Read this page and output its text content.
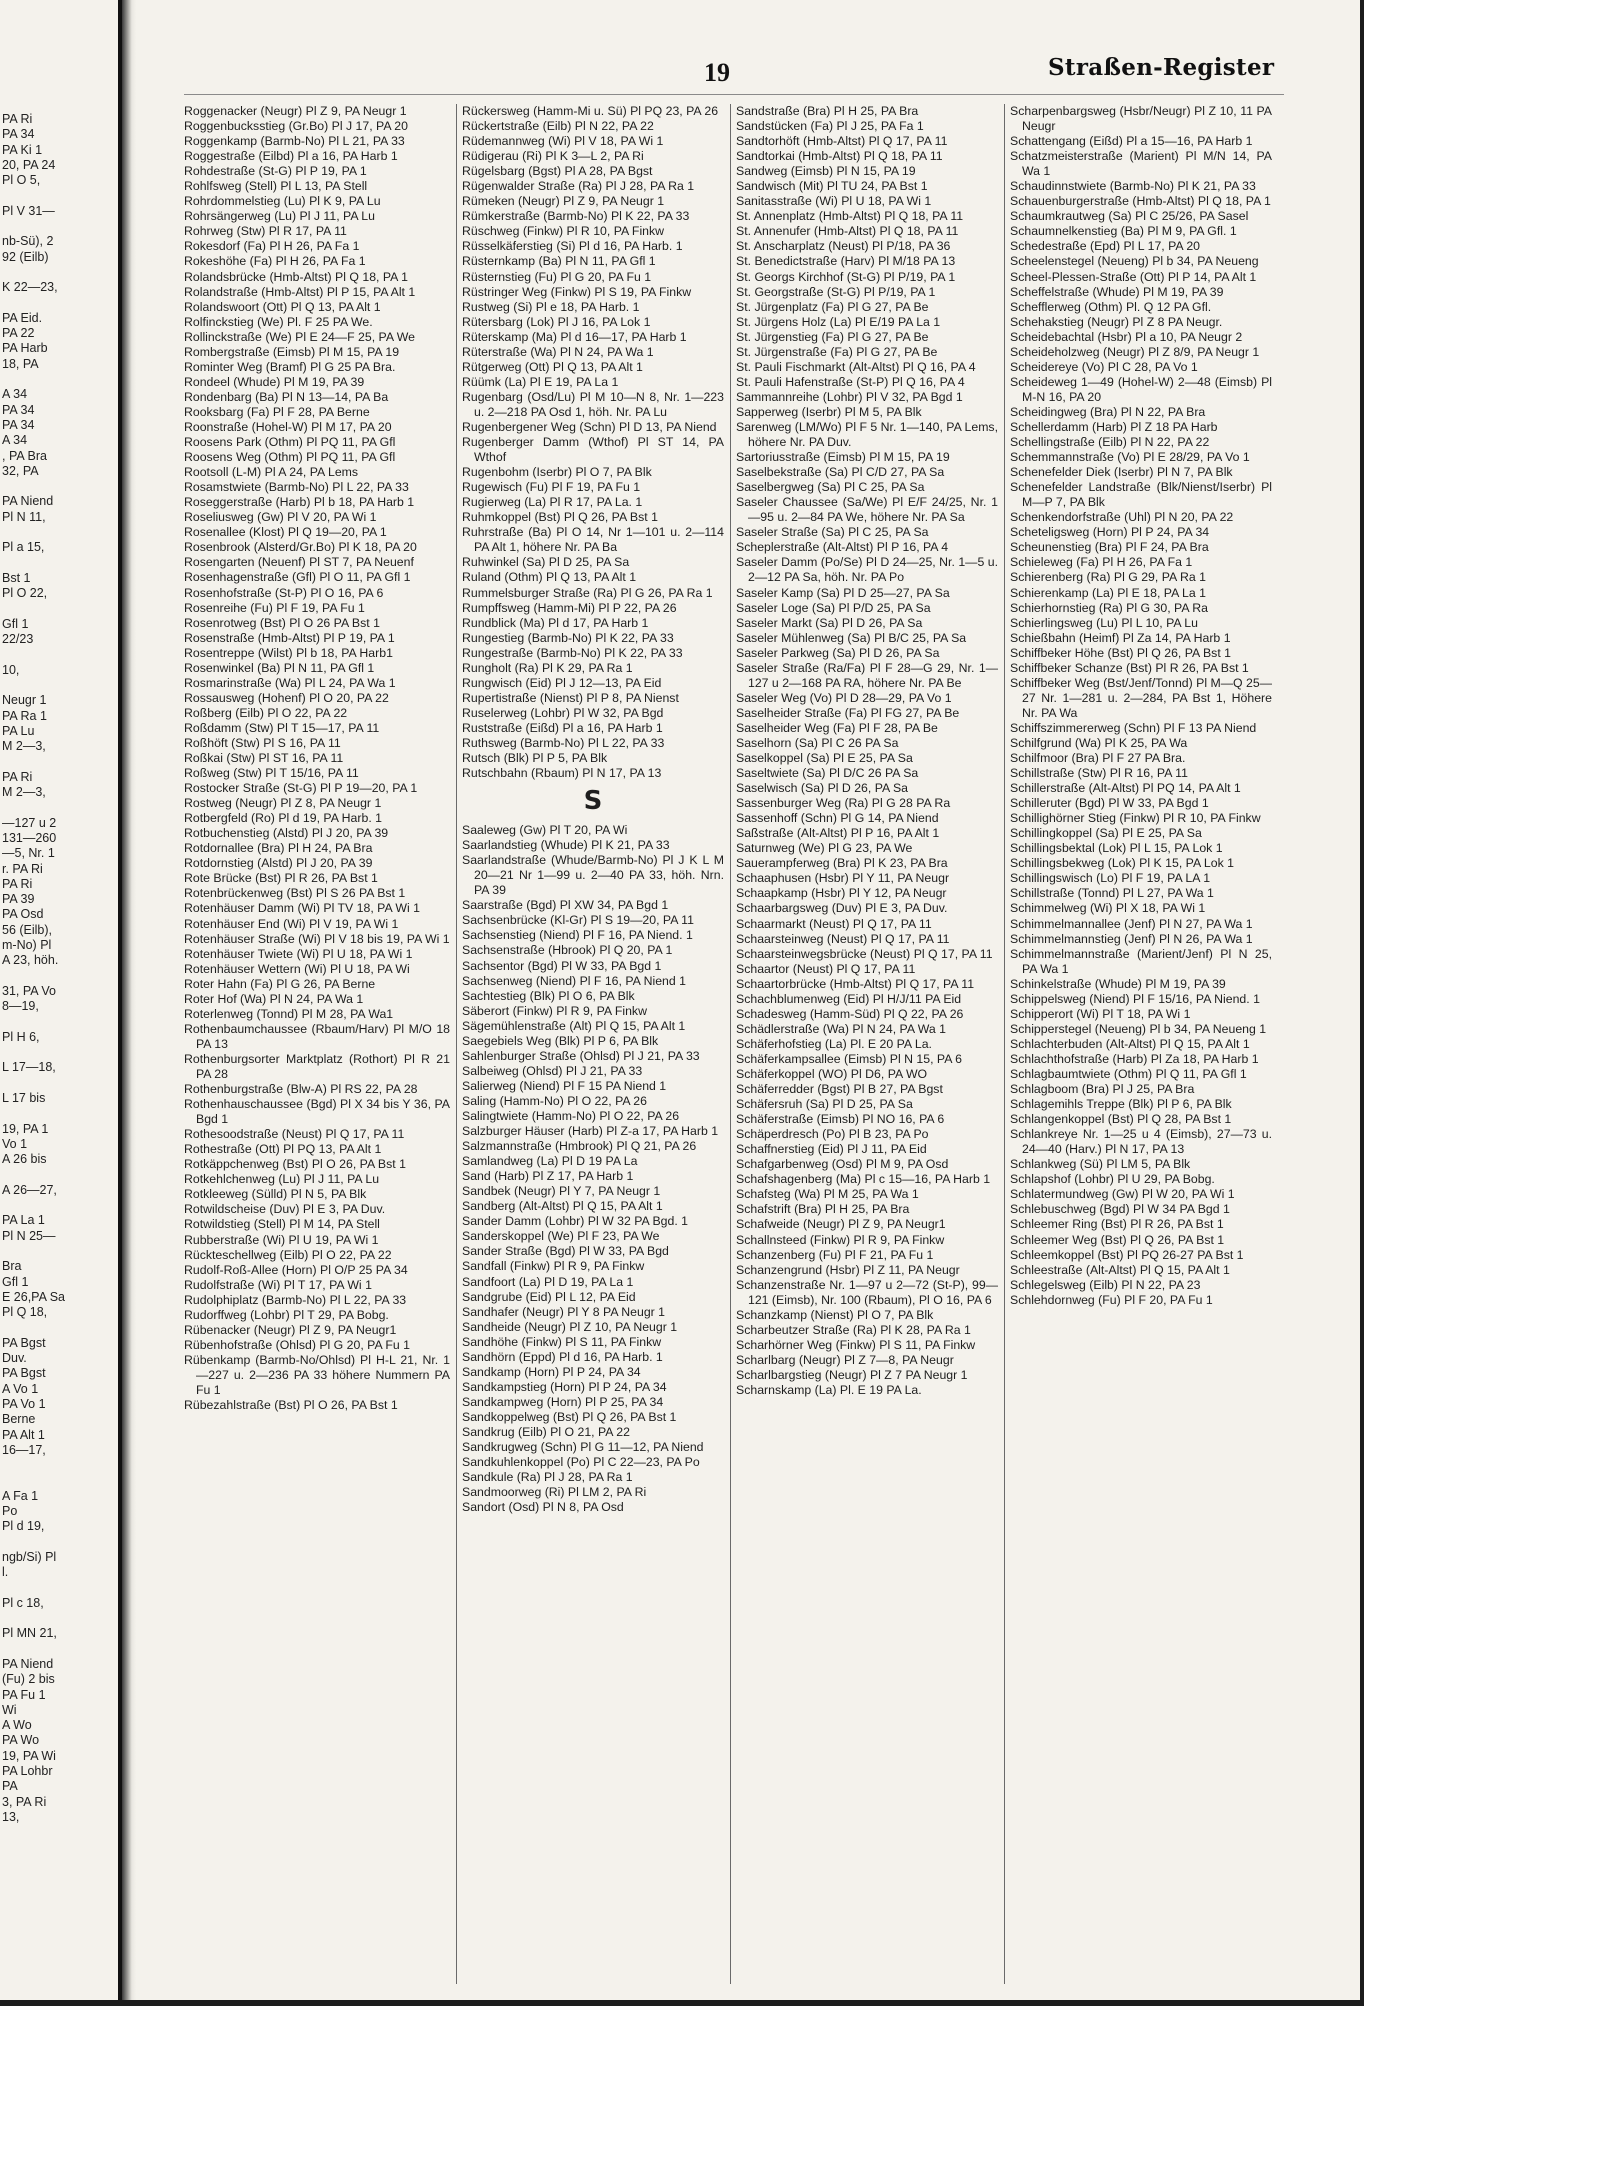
PA Ri
PA 34
PA Ki 1
20, PA 24
Pl O 5,

Pl V 31—

nb-Sü), 2
92 (Eilb)

K 22—23,

PA Eid.
PA 22
PA Harb
18, PA

A 34
PA 34
PA 34
A 34
, PA Bra
32, PA

PA Niend
Pl N 11,

Pl a 15,

Bst 1
Pl O 22,

Gfl 1
22/23

10,

Neugr 1
PA Ra 1
PA Lu
M 2—3,

PA Ri
M 2—3,

—127 u 2
131—260
—5, Nr. 1
r. PA Ri
PA Ri
PA 39
PA Osd
56 (Eilb),
m-No) Pl
A 23, höh.

31, PA Vo
8—19,

Pl H 6,

L 17—18,

L 17 bis

19, PA 1
Vo 1
A 26 bis

A 26—27,

PA La 1
Pl N 25—

Bra
Gfl 1
E 26,PA Sa
Pl Q 18,

PA Bgst
Duv.
PA Bgst
A Vo 1
PA Vo 1
Berne
PA Alt 1
16—17,

A Fa 1
Po
Pl d 19,

ngb/Si) Pl
l.

Pl c 18,

Pl MN 21,

PA Niend
(Fu) 2 bis
PA Fu 1
Wi
A Wo
PA Wo
19, PA Wi
PA Lohbr
PA
3, PA Ri
13,
19	Straßen-Register

Roggenacker (Neugr) Pl Z 9, PA Neugr 1

Roggenbucksstieg (Gr.Bo) Pl J 17, PA 20

Roggenkamp (Barmb-No) Pl L 21, PA 33

Roggestraße (Eilbd) Pl a 16, PA Harb 1

Rohdestraße (St-G) Pl P 19, PA 1

Rohlfsweg (Stell) Pl L 13, PA Stell

Rohrdommelstieg (Lu) Pl K 9, PA Lu

Rohrsängerweg (Lu) Pl J 11, PA Lu

Rohrweg (Stw) Pl R 17, PA 11

Rokesdorf (Fa) Pl H 26, PA Fa 1

Rokeshöhe (Fa) Pl H 26, PA Fa 1

Rolandsbrücke (Hmb-Altst) Pl Q 18, PA 1

Rolandstraße (Hmb-Altst) Pl P 15, PA Alt 1

Rolandswoort (Ott) Pl Q 13, PA Alt 1

Rolfinckstieg (We) Pl. F 25 PA We.

Rollinckstraße (We) Pl E 24—F 25, PA We

Rombergstraße (Eimsb) Pl M 15, PA 19

Rominter Weg (Bramf) Pl G 25 PA Bra.

Rondeel (Whude) Pl M 19, PA 39

Rondenbarg (Ba) Pl N 13—14, PA Ba

Rooksbarg (Fa) Pl F 28, PA Berne

Roonstraße (Hohel-W) Pl M 17, PA 20

Roosens Park (Othm) Pl PQ 11, PA Gfl

Roosens Weg (Othm) Pl PQ 11, PA Gfl

Rootsoll (L-M) Pl A 24, PA Lems

Rosamstwiete (Barmb-No) Pl L 22, PA 33

Roseggerstraße (Harb) Pl b 18, PA Harb 1

Roseliusweg (Gw) Pl V 20, PA Wi 1

Rosenallee (Klost) Pl Q 19—20, PA 1

Rosenbrook (Alsterd/Gr.Bo) Pl K 18, PA 20

Rosengarten (Neuenf) Pl ST 7, PA Neuenf

Rosenhagenstraße (Gfl) Pl O 11, PA Gfl 1

Rosenhofstraße (St-P) Pl O 16, PA 6

Rosenreihe (Fu) Pl F 19, PA Fu 1

Rosenrotweg (Bst) Pl O 26 PA Bst 1

Rosenstraße (Hmb-Altst) Pl P 19, PA 1

Rosentreppe (Wilst) Pl b 18, PA Harb1

Rosenwinkel (Ba) Pl N 11, PA Gfl 1

Rosmarinstraße (Wa) Pl L 24, PA Wa 1

Rossausweg (Hohenf) Pl O 20, PA 22

Roßberg (Eilb) Pl O 22, PA 22

Roßdamm (Stw) Pl T 15—17, PA 11

Roßhöft (Stw) Pl S 16, PA 11

Roßkai (Stw) Pl ST 16, PA 11

Roßweg (Stw) Pl T 15/16, PA 11

Rostocker Straße (St-G) Pl P 19—20, PA 1

Rostweg (Neugr) Pl Z 8, PA Neugr 1

Rotbergfeld (Ro) Pl d 19, PA Harb. 1

Rotbuchenstieg (Alstd) Pl J 20, PA 39

Rotdornallee (Bra) Pl H 24, PA Bra

Rotdornstieg (Alstd) Pl J 20, PA 39

Rote Brücke (Bst) Pl R 26, PA Bst 1

Rotenbrückenweg (Bst) Pl S 26 PA Bst 1

Rotenhäuser Damm (Wi) Pl TV 18, PA Wi 1

Rotenhäuser End (Wi) Pl V 19, PA Wi 1

Rotenhäuser Straße (Wi) Pl V 18 bis 19, PA Wi 1

Rotenhäuser Twiete (Wi) Pl U 18, PA Wi 1

Rotenhäuser Wettern (Wi) Pl U 18, PA Wi

Roter Hahn (Fa) Pl G 26, PA Berne

Roter Hof (Wa) Pl N 24, PA Wa 1

Roterlenweg (Tonnd) Pl M 28, PA Wa1

Rothenbaumchaussee (Rbaum/Harv) Pl M/O 18 PA 13

Rothenburgsorter Marktplatz (Rothort) Pl R 21 PA 28

Rothenburgstraße (Blw-A) Pl RS 22, PA 28

Rothenhauschaussee (Bgd) Pl X 34 bis Y 36, PA Bgd 1

Rothesoodstraße (Neust) Pl Q 17, PA 11

Rothestraße (Ott) Pl PQ 13, PA Alt 1

Rotkäppchenweg (Bst) Pl O 26, PA Bst 1

Rotkehlchenweg (Lu) Pl J 11, PA Lu

Rotkleeweg (Sülld) Pl N 5, PA Blk

Rotwildscheise (Duv) Pl E 3, PA Duv.

Rotwildstieg (Stell) Pl M 14, PA Stell

Rubberstraße (Wi) Pl U 19, PA Wi 1

Rückteschellweg (Eilb) Pl O 22, PA 22

Rudolf-Roß-Allee (Horn) Pl O/P 25 PA 34

Rudolfstraße (Wi) Pl T 17, PA Wi 1

Rudolphiplatz (Barmb-No) Pl L 22, PA 33

Rudorffweg (Lohbr) Pl T 29, PA Bobg.

Rübenacker (Neugr) Pl Z 9, PA Neugr1

Rübenhofstraße (Ohlsd) Pl G 20, PA Fu 1

Rübenkamp (Barmb-No/Ohlsd) Pl H-L 21, Nr. 1—227 u. 2—236 PA 33 höhere Nummern PA Fu 1

Rübezahlstraße (Bst) Pl O 26, PA Bst 1

Rückersweg (Hamm-Mi u. Sü) Pl PQ 23, PA 26

Rückertstraße (Eilb) Pl N 22, PA 22

Rüdemannweg (Wi) Pl V 18, PA Wi 1

Rüdigerau (Ri) Pl K 3—L 2, PA Ri

Rügelsbarg (Bgst) Pl A 28, PA Bgst

Rügenwalder Straße (Ra) Pl J 28, PA Ra 1

Rümeken (Neugr) Pl Z 9, PA Neugr 1

Rümkerstraße (Barmb-No) Pl K 22, PA 33

Rüschweg (Finkw) Pl R 10, PA Finkw

Rüsselkäferstieg (Si) Pl d 16, PA Harb. 1

Rüsternkamp (Ba) Pl N 11, PA Gfl 1

Rüsternstieg (Fu) Pl G 20, PA Fu 1

Rüstringer Weg (Finkw) Pl S 19, PA Finkw

Rustweg (Si) Pl e 18, PA Harb. 1

Rütersbarg (Lok) Pl J 16, PA Lok 1

Rüterskamp (Ma) Pl d 16—17, PA Harb 1

Rüterstraße (Wa) Pl N 24, PA Wa 1

Rütgerweg (Ott) Pl Q 13, PA Alt 1

Rüümk (La) Pl E 19, PA La 1

Rugenbarg (Osd/Lu) Pl M 10—N 8, Nr. 1—223 u. 2—218 PA Osd 1, höh. Nr. PA Lu

Rugenbergener Weg (Schn) Pl D 13, PA Niend

Rugenberger Damm (Wthof) Pl ST 14, PA Wthof

Rugenbohm (Iserbr) Pl O 7, PA Blk

Rugewisch (Fu) Pl F 19, PA Fu 1

Rugierweg (La) Pl R 17, PA La. 1

Ruhmkoppel (Bst) Pl Q 26, PA Bst 1

Ruhrstraße (Ba) Pl O 14, Nr 1—101 u. 2—114 PA Alt 1, höhere Nr. PA Ba

Ruhwinkel (Sa) Pl D 25, PA Sa

Ruland (Othm) Pl Q 13, PA Alt 1

Rummelsburger Straße (Ra) Pl G 26, PA Ra 1

Rumpffsweg (Hamm-Mi) Pl P 22, PA 26

Rundblick (Ma) Pl d 17, PA Harb 1

Rungestieg (Barmb-No) Pl K 22, PA 33

Rungestraße (Barmb-No) Pl K 22, PA 33

Rungholt (Ra) Pl K 29, PA Ra 1

Rungwisch (Eid) Pl J 12—13, PA Eid

Rupertistraße (Nienst) Pl P 8, PA Nienst

Ruselerweg (Lohbr) Pl W 32, PA Bgd

Ruststraße (Eißd) Pl a 16, PA Harb 1

Ruthsweg (Barmb-No) Pl L 22, PA 33

Rutsch (Blk) Pl P 5, PA Blk

Rutschbahn (Rbaum) Pl N 17, PA 13

S

Saaleweg (Gw) Pl T 20, PA Wi

Saarlandstieg (Whude) Pl K 21, PA 33

Saarlandstraße (Whude/Barmb-No) Pl J K L M 20—21 Nr 1—99 u. 2—40 PA 33, höh. Nrn. PA 39

Saarstraße (Bgd) Pl XW 34, PA Bgd 1

Sachsenbrücke (Kl-Gr) Pl S 19—20, PA 11

Sachsenstieg (Niend) Pl F 16, PA Niend. 1

Sachsenstraße (Hbrook) Pl Q 20, PA 1

Sachsentor (Bgd) Pl W 33, PA Bgd 1

Sachsenweg (Niend) Pl F 16, PA Niend 1

Sachtestieg (Blk) Pl O 6, PA Blk

Säberort (Finkw) Pl R 9, PA Finkw

Sägemühlenstraße (Alt) Pl Q 15, PA Alt 1

Saegebiels Weg (Blk) Pl P 6, PA Blk

Sahlenburger Straße (Ohlsd) Pl J 21, PA 33

Salbeiweg (Ohlsd) Pl J 21, PA 33

Salierweg (Niend) Pl F 15 PA Niend 1

Saling (Hamm-No) Pl O 22, PA 26

Salingtwiete (Hamm-No) Pl O 22, PA 26

Salzburger Häuser (Harb) Pl Z-a 17, PA Harb 1

Salzmannstraße (Hmbrook) Pl Q 21, PA 26

Samlandweg (La) Pl D 19 PA La

Sand (Harb) Pl Z 17, PA Harb 1

Sandbek (Neugr) Pl Y 7, PA Neugr 1

Sandberg (Alt-Altst) Pl Q 15, PA Alt 1

Sander Damm (Lohbr) Pl W 32 PA Bgd. 1

Sanderskoppel (We) Pl F 23, PA We

Sander Straße (Bgd) Pl W 33, PA Bgd

Sandfall (Finkw) Pl R 9, PA Finkw

Sandfoort (La) Pl D 19, PA La 1

Sandgrube (Eid) Pl L 12, PA Eid

Sandhafer (Neugr) Pl Y 8 PA Neugr 1

Sandheide (Neugr) Pl Z 10, PA Neugr 1

Sandhöhe (Finkw) Pl S 11, PA Finkw

Sandhörn (Eppd) Pl d 16, PA Harb. 1

Sandkamp (Horn) Pl P 24, PA 34

Sandkampstieg (Horn) Pl P 24, PA 34

Sandkampweg (Horn) Pl P 25, PA 34

Sandkoppelweg (Bst) Pl Q 26, PA Bst 1

Sandkrug (Eilb) Pl O 21, PA 22

Sandkrugweg (Schn) Pl G 11—12, PA Niend

Sandkuhlenkoppel (Po) Pl C 22—23, PA Po

Sandkule (Ra) Pl J 28, PA Ra 1

Sandmoorweg (Ri) Pl LM 2, PA Ri

Sandort (Osd) Pl N 8, PA Osd

Sandstraße (Bra) Pl H 25, PA Bra

Sandstücken (Fa) Pl J 25, PA Fa 1

Sandtorhöft (Hmb-Altst) Pl Q 17, PA 11

Sandtorkai (Hmb-Altst) Pl Q 18, PA 11

Sandweg (Eimsb) Pl N 15, PA 19

Sandwisch (Mit) Pl TU 24, PA Bst 1

Sanitasstraße (Wi) Pl U 18, PA Wi 1

St. Annenplatz (Hmb-Altst) Pl Q 18, PA 11

St. Annenufer (Hmb-Altst) Pl Q 18, PA 11

St. Anscharplatz (Neust) Pl P/18, PA 36

St. Benedictstraße (Harv) Pl M/18 PA 13

St. Georgs Kirchhof (St-G) Pl P/19, PA 1

St. Georgstraße (St-G) Pl P/19, PA 1

St. Jürgenplatz (Fa) Pl G 27, PA Be

St. Jürgens Holz (La) Pl E/19 PA La 1

St. Jürgenstieg (Fa) Pl G 27, PA Be

St. Jürgenstraße (Fa) Pl G 27, PA Be

St. Pauli Fischmarkt (Alt-Altst) Pl Q 16, PA 4

St. Pauli Hafenstraße (St-P) Pl Q 16, PA 4

Sammannreihe (Lohbr) Pl V 32, PA Bgd 1

Sapperweg (Iserbr) Pl M 5, PA Blk

Sarenweg (LM/Wo) Pl F 5 Nr. 1—140, PA Lems, höhere Nr. PA Duv.

Sartoriusstraße (Eimsb) Pl M 15, PA 19

Saselbekstraße (Sa) Pl C/D 27, PA Sa

Saselbergweg (Sa) Pl C 25, PA Sa

Saseler Chaussee (Sa/We) Pl E/F 24/25, Nr. 1—95 u. 2—84 PA We, höhere Nr. PA Sa

Saseler Straße (Sa) Pl C 25, PA Sa

Scheplerstraße (Alt-Altst) Pl P 16, PA 4

Saseler Damm (Po/Se) Pl D 24—25, Nr. 1—5 u. 2—12 PA Sa, höh. Nr. PA Po

Saseler Kamp (Sa) Pl D 25—27, PA Sa

Saseler Loge (Sa) Pl P/D 25, PA Sa

Saseler Markt (Sa) Pl D 26, PA Sa

Saseler Mühlenweg (Sa) Pl B/C 25, PA Sa

Saseler Parkweg (Sa) Pl D 26, PA Sa

Saseler Straße (Ra/Fa) Pl F 28—G 29, Nr. 1—127 u 2—168 PA RA, höhere Nr. PA Be

Saseler Weg (Vo) Pl D 28—29, PA Vo 1

Saselheider Straße (Fa) Pl FG 27, PA Be

Saselheider Weg (Fa) Pl F 28, PA Be

Saselhorn (Sa) Pl C 26 PA Sa

Saselkoppel (Sa) Pl E 25, PA Sa

Saseltwiete (Sa) Pl D/C 26 PA Sa

Saselwisch (Sa) Pl D 26, PA Sa

Sassenburger Weg (Ra) Pl G 28 PA Ra

Sassenhoff (Schn) Pl G 14, PA Niend

Saßstraße (Alt-Altst) Pl P 16, PA Alt 1

Saturnweg (We) Pl G 23, PA We

Sauerampferweg (Bra) Pl K 23, PA Bra

Schaaphusen (Hsbr) Pl Y 11, PA Neugr

Schaapkamp (Hsbr) Pl Y 12, PA Neugr

Schaarbargsweg (Duv) Pl E 3, PA Duv.

Schaarmarkt (Neust) Pl Q 17, PA 11

Schaarsteinweg (Neust) Pl Q 17, PA 11

Schaarsteinwegsbrücke (Neust) Pl Q 17, PA 11

Schaartor (Neust) Pl Q 17, PA 11

Schaartorbrücke (Hmb-Altst) Pl Q 17, PA 11

Schachblumenweg (Eid) Pl H/J/11 PA Eid

Schadesweg (Hamm-Süd) Pl Q 22, PA 26

Schädlerstraße (Wa) Pl N 24, PA Wa 1

Schäferhofstieg (La) Pl. E 20 PA La.

Schäferkampsallee (Eimsb) Pl N 15, PA 6

Schäferkoppel (WO) Pl D6, PA WO

Schäferredder (Bgst) Pl B 27, PA Bgst

Schäfersruh (Sa) Pl D 25, PA Sa

Schäferstraße (Eimsb) Pl NO 16, PA 6

Schäperdresch (Po) Pl B 23, PA Po

Schaffnerstieg (Eid) Pl J 11, PA Eid

Schafgarbenweg (Osd) Pl M 9, PA Osd

Schafshagenberg (Ma) Pl c 15—16, PA Harb 1

Schafsteg (Wa) Pl M 25, PA Wa 1

Schafstrift (Bra) Pl H 25, PA Bra

Schafweide (Neugr) Pl Z 9, PA Neugr1

Schallnsteed (Finkw) Pl R 9, PA Finkw

Schanzenberg (Fu) Pl F 21, PA Fu 1

Schanzengrund (Hsbr) Pl Z 11, PA Neugr

Schanzenstraße Nr. 1—97 u 2—72 (St-P), 99—121 (Eimsb), Nr. 100 (Rbaum), Pl O 16, PA 6

Schanzkamp (Nienst) Pl O 7, PA Blk

Scharbeutzer Straße (Ra) Pl K 28, PA Ra 1

Scharhörner Weg (Finkw) Pl S 11, PA Finkw

Scharlbarg (Neugr) Pl Z 7—8, PA Neugr

Scharlbargstieg (Neugr) Pl Z 7 PA Neugr 1

Scharnskamp (La) Pl. E 19 PA La.

Scharpenbargsweg (Hsbr/Neugr) Pl Z 10, 11 PA Neugr

Schattengang (Eißd) Pl a 15—16, PA Harb 1

Schatzmeisterstraße (Marient) Pl M/N 14, PA Wa 1

Schaudinnstwiete (Barmb-No) Pl K 21, PA 33

Schauenburgerstraße (Hmb-Altst) Pl Q 18, PA 1

Schaumkrautweg (Sa) Pl C 25/26, PA Sasel

Schaumnelkenstieg (Ba) Pl M 9, PA Gfl. 1

Schedestraße (Epd) Pl L 17, PA 20

Scheelenstegel (Neueng) Pl b 34, PA Neueng

Scheel-Plessen-Straße (Ott) Pl P 14, PA Alt 1

Scheffelstraße (Whude) Pl M 19, PA 39

Schefflerweg (Othm) Pl. Q 12 PA Gfl.

Schehakstieg (Neugr) Pl Z 8 PA Neugr.

Scheidebachtal (Hsbr) Pl a 10, PA Neugr 2

Scheideholzweg (Neugr) Pl Z 8/9, PA Neugr 1

Scheidereye (Vo) Pl C 28, PA Vo 1

Scheideweg 1—49 (Hohel-W) 2—48 (Eimsb) Pl M-N 16, PA 20

Scheidingweg (Bra) Pl N 22, PA Bra

Schellerdamm (Harb) Pl Z 18 PA Harb

Schellingstraße (Eilb) Pl N 22, PA 22

Schemmannstraße (Vo) Pl E 28/29, PA Vo 1

Schenefelder Diek (Iserbr) Pl N 7, PA Blk

Schenefelder Landstraße (Blk/Nienst/Iserbr) Pl M—P 7, PA Blk

Schenkendorfstraße (Uhl) Pl N 20, PA 22

Scheteligsweg (Horn) Pl P 24, PA 34

Scheunenstieg (Bra) Pl F 24, PA Bra

Schieleweg (Fa) Pl H 26, PA Fa 1

Schierenberg (Ra) Pl G 29, PA Ra 1

Schierenkamp (La) Pl E 18, PA La 1

Schierhornstieg (Ra) Pl G 30, PA Ra

Schierlingsweg (Lu) Pl L 10, PA Lu

Schießbahn (Heimf) Pl Za 14, PA Harb 1

Schiffbeker Höhe (Bst) Pl Q 26, PA Bst 1

Schiffbeker Schanze (Bst) Pl R 26, PA Bst 1

Schiffbeker Weg (Bst/Jenf/Tonnd) Pl M—Q 25—27 Nr. 1—281 u. 2—284, PA Bst 1, Höhere Nr. PA Wa

Schiffszimmererweg (Schn) Pl F 13 PA Niend

Schilfgrund (Wa) Pl K 25, PA Wa

Schilfmoor (Bra) Pl F 27 PA Bra.

Schillstraße (Stw) Pl R 16, PA 11

Schillerstraße (Alt-Altst) Pl PQ 14, PA Alt 1

Schilleruter (Bgd) Pl W 33, PA Bgd 1

Schillighörner Stieg (Finkw) Pl R 10, PA Finkw

Schillingkoppel (Sa) Pl E 25, PA Sa

Schillingsbektal (Lok) Pl L 15, PA Lok 1

Schillingsbekweg (Lok) Pl K 15, PA Lok 1

Schillingswisch (Lo) Pl F 19, PA LA 1

Schillstraße (Tonnd) Pl L 27, PA Wa 1

Schimmelweg (Wi) Pl X 18, PA Wi 1

Schimmelmannallee (Jenf) Pl N 27, PA Wa 1

Schimmelmannstieg (Jenf) Pl N 26, PA Wa 1

Schimmelmannstraße (Marient/Jenf) Pl N 25, PA Wa 1

Schinkelstraße (Whude) Pl M 19, PA 39

Schippelsweg (Niend) Pl F 15/16, PA Niend. 1

Schipperort (Wi) Pl T 18, PA Wi 1

Schipperstegel (Neueng) Pl b 34, PA Neueng 1

Schlachterbuden (Alt-Altst) Pl Q 15, PA Alt 1

Schlachthofstraße (Harb) Pl Za 18, PA Harb 1

Schlagbaumtwiete (Othm) Pl Q 11, PA Gfl 1

Schlagboom (Bra) Pl J 25, PA Bra

Schlagemihls Treppe (Blk) Pl P 6, PA Blk

Schlangenkoppel (Bst) Pl Q 28, PA Bst 1

Schlankreye Nr. 1—25 u 4 (Eimsb), 27—73 u. 24—40 (Harv.) Pl N 17, PA 13

Schlankweg (Sü) Pl LM 5, PA Blk

Schlapshof (Lohbr) Pl U 29, PA Bobg.

Schlatermundweg (Gw) Pl W 20, PA Wi 1

Schlebuschweg (Bgd) Pl W 34 PA Bgd 1

Schleemer Ring (Bst) Pl R 26, PA Bst 1

Schleemer Weg (Bst) Pl Q 26, PA Bst 1

Schleemkoppel (Bst) Pl PQ 26-27 PA Bst 1

Schleestraße (Alt-Altst) Pl Q 15, PA Alt 1

Schlegelsweg (Eilb) Pl N 22, PA 23

Schlehdornweg (Fu) Pl F 20, PA Fu 1
